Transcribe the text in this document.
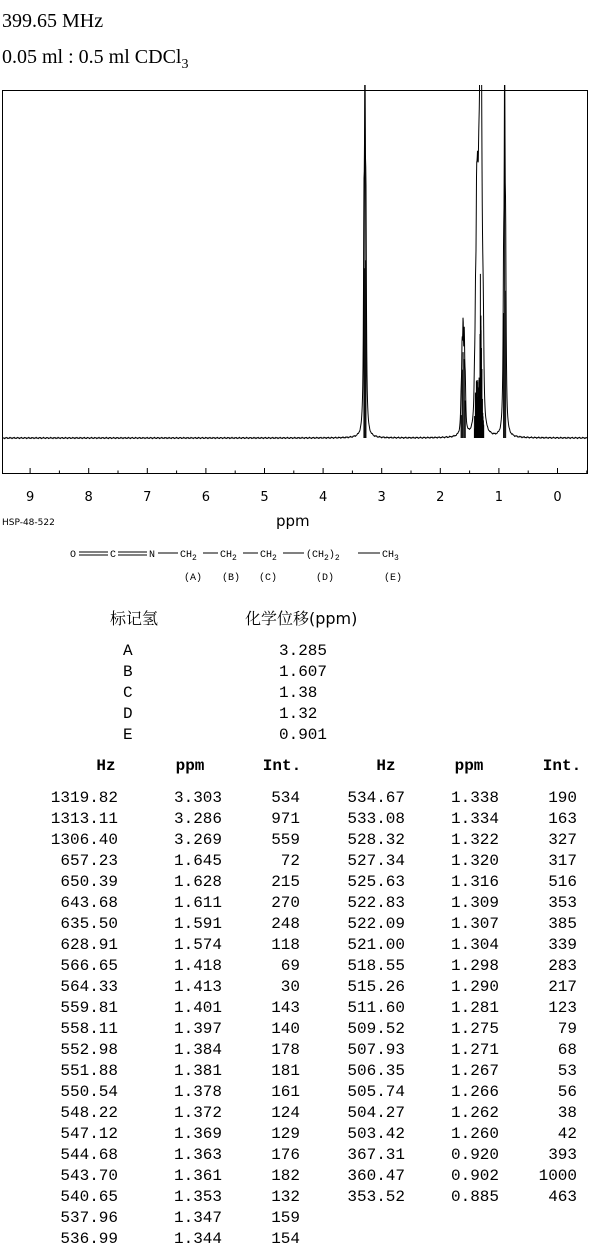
399.65 MHz
0.05 ml : 0.5 ml CDCl$_3$
9	8	7	6	5	4	3	2	1	0
ppm
HSP-48-522
O	C	N $CH_2$ $CH_2$ $CH_2$	$(CH_2)_2$	$CH_3$
(A) (B) (C)	(D)	(E)
标记氢	化学位移(ppm)
A	3.285
B	1.607
C	1.38
D	1.32
E	0.901
Hz	ppm	Int.
1319.82	3.303	534
1313.11	3.286	971
1306.40	3.269	559
657.23	1.645	72
650.39	1.628	215
643.68	1.611	270
635.50	1.591	248
628.91	1.574	118
566.65	1.418	69
564.33	1.413	30
559.81	1.401	143
558.11	1.397	140
552.98	1.384	178
551.88	1.381	181
550.54	1.378	161
548.22	1.372	124
547.12	1.369	129
544.68	1.363	176
543.70	1.361	182
540.65	1.353	132
537.96	1.347	159
536.99	1.344	154
Hz	ppm	Int.
534.67	1.338	190
533.08	1.334	163
528.32	1.322	327
527.34	1.320	317
525.63	1.316	516
522.83	1.309	353
522.09	1.307	385
521.00	1.304	339
518.55	1.298	283
515.26	1.290	217
511.60	1.281	123
509.52	1.275	79
507.93	1.271	68
506.35	1.267	53
505.74	1.266	56
504.27	1.262	38
503.42	1.260	42
367.31	0.920	393
360.47	0.902 1000
353.52	0.885	463
